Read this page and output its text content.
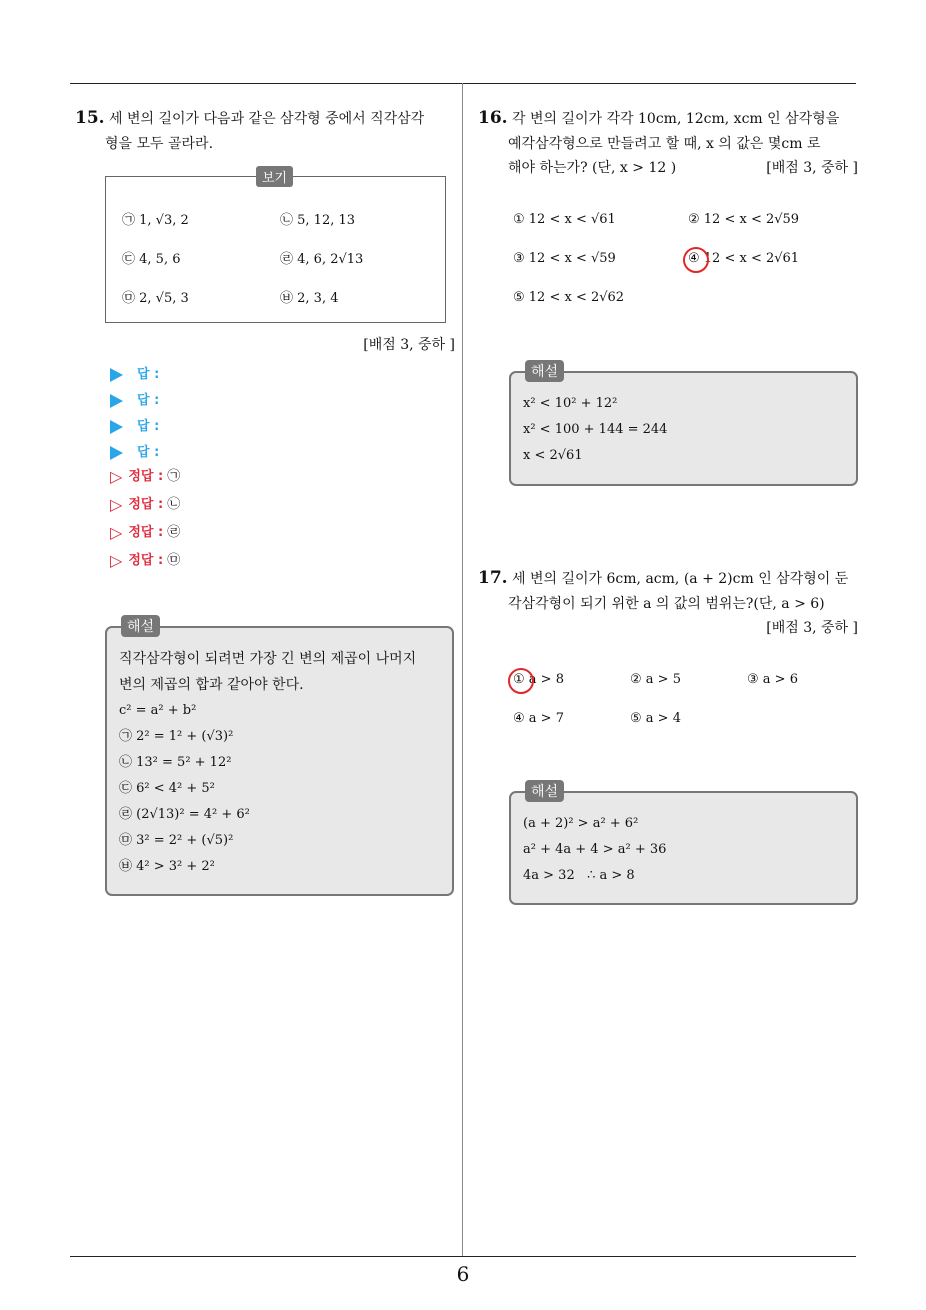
6
15. 세 변의 길이가 다음과 같은 삼각형 중에서 직각삼각
형을 모두 골라라.
보기
㉠ 1, √3, 2	㉡ 5, 12, 13
㉢ 4, 5, 6	㉣ 4, 6, 2√13
㉤ 2, √5, 3	㉥ 2, 3, 4
[배점 3, 중하 ]
답 :
답 :
답 :
답 :
▷ 정답 : ㉠
▷ 정답 : ㉡
▷ 정답 : ㉣
▷ 정답 : ㉤
해설
직각삼각형이 되려면 가장 긴 변의 제곱이 나머지
변의 제곱의 합과 같아야 한다.
c² = a² + b²
㉠ 2² = 1² + (√3)²
㉡ 13² = 5² + 12²
㉢ 6² < 4² + 5²
㉣ (2√13)² = 4² + 6²
㉤ 3² = 2² + (√5)²
㉥ 4² > 3² + 2²
16. 각 변의 길이가 각각 10cm, 12cm, xcm 인 삼각형을
예각삼각형으로 만들려고 할 때, x 의 값은 몇cm 로
해야 하는가? (단, x > 12 )	[배점 3, 중하 ]
① 12 < x < √61	② 12 < x < 2√59
③ 12 < x < √59	④ 12 < x < 2√61
⑤ 12 < x < 2√62
해설
x² < 10² + 12²
x² < 100 + 144 = 244
x < 2√61
17. 세 변의 길이가 6cm, acm, (a + 2)cm 인 삼각형이 둔
각삼각형이 되기 위한 a 의 값의 범위는?(단, a > 6)
[배점 3, 중하 ]
① a > 8	② a > 5	③ a > 6
④ a > 7	⑤ a > 4
해설
(a + 2)² > a² + 6²
a² + 4a + 4 > a² + 36
4a > 32   ∴ a > 8
